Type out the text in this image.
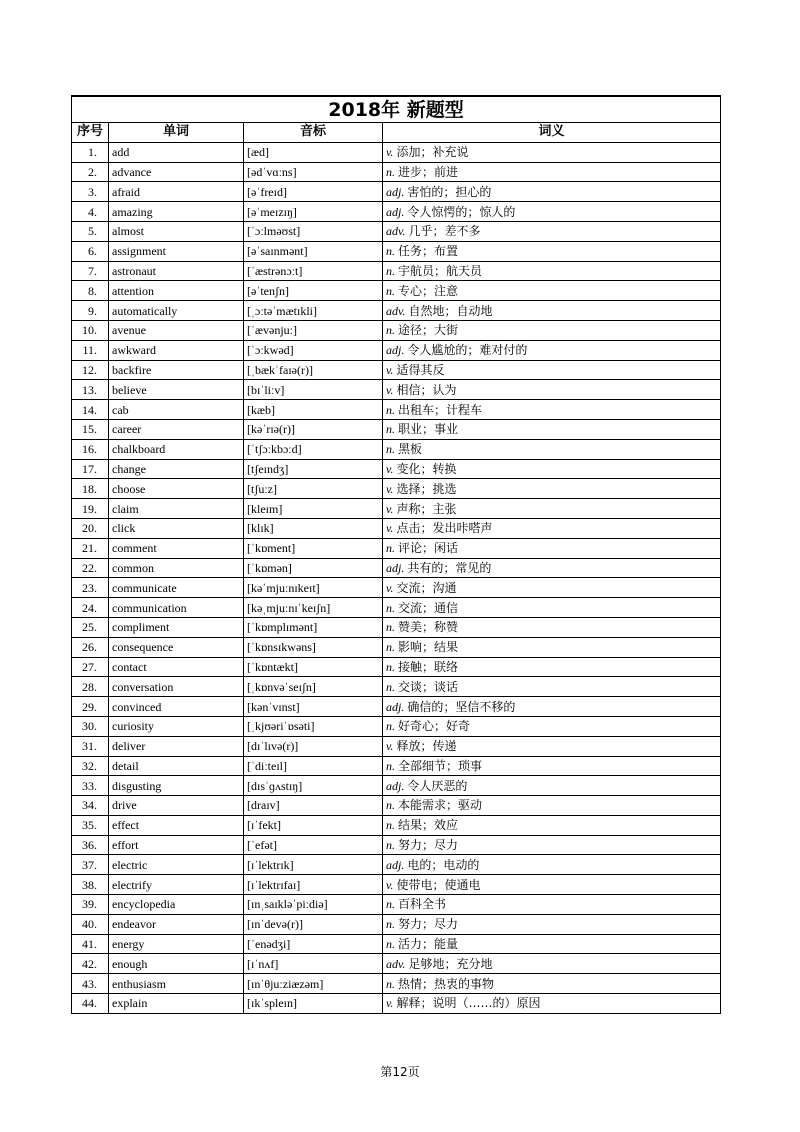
2018年 新题型			
序号	单词	音标	词义
1.	add	[æd]	v. 添加；补充说
2.	advance	[ədˈvɑːns]	n. 进步；前进
3.	afraid	[əˈfreɪd]	adj. 害怕的；担心的
4.	amazing	[əˈmeɪzɪŋ]	adj. 令人惊愕的；惊人的
5.	almost	[ˈɔːlməʊst]	adv. 几乎；差不多
6.	assignment	[əˈsaɪnmənt]	n. 任务；布置
7.	astronaut	[ˈæstrənɔːt]	n. 宇航员；航天员
8.	attention	[əˈtenʃn]	n. 专心；注意
9.	automatically	[ˌɔːtəˈmætɪkli]	adv. 自然地；自动地
10.	avenue	[ˈævənjuː]	n. 途径；大街
11.	awkward	[ˈɔːkwəd]	adj. 令人尴尬的；难对付的
12.	backfire	[ˌbækˈfaɪə(r)]	v. 适得其反
13.	believe	[bɪˈliːv]	v. 相信；认为
14.	cab	[kæb]	n. 出租车；计程车
15.	career	[kəˈrɪə(r)]	n. 职业；事业
16.	chalkboard	[ˈtʃɔːkbɔːd]	n. 黑板
17.	change	[tʃeɪndʒ]	v. 变化；转换
18.	choose	[tʃuːz]	v. 选择；挑选
19.	claim	[kleɪm]	v. 声称；主张
20.	click	[klɪk]	v. 点击；发出咔嗒声
21.	comment	[ˈkɒment]	n. 评论；闲话
22.	common	[ˈkɒmən]	adj. 共有的；常见的
23.	communicate	[kəˈmjuːnɪkeɪt]	v. 交流；沟通
24.	communication	[kəˌmjuːnɪˈkeɪʃn]	n. 交流；通信
25.	compliment	[ˈkɒmplɪmənt]	n. 赞美；称赞
26.	consequence	[ˈkɒnsɪkwəns]	n. 影响；结果
27.	contact	[ˈkɒntækt]	n. 接触；联络
28.	conversation	[ˌkɒnvəˈseɪʃn]	n. 交谈；谈话
29.	convinced	[kənˈvɪnst]	adj. 确信的；坚信不移的
30.	curiosity	[ˌkjʊəriˈɒsəti]	n. 好奇心；好奇
31.	deliver	[dɪˈlɪvə(r)]	v. 释放；传递
32.	detail	[ˈdiːteɪl]	n. 全部细节；琐事
33.	disgusting	[dɪsˈɡʌstɪŋ]	adj. 令人厌恶的
34.	drive	[draɪv]	n. 本能需求；驱动
35.	effect	[ɪˈfekt]	n. 结果；效应
36.	effort	[ˈefət]	n. 努力；尽力
37.	electric	[ɪˈlektrɪk]	adj. 电的；电动的
38.	electrify	[ɪˈlektrɪfaɪ]	v. 使带电；使通电
39.	encyclopedia	[ɪnˌsaɪkləˈpiːdiə]	n. 百科全书
40.	endeavor	[ɪnˈdevə(r)]	n. 努力；尽力
41.	energy	[ˈenədʒi]	n. 活力；能量
42.	enough	[ɪˈnʌf]	adv. 足够地；充分地
43.	enthusiasm	[ɪnˈθjuːziæzəm]	n. 热情；热衷的事物
44.	explain	[ɪkˈspleɪn]	v. 解释；说明（……的）原因
第12页
